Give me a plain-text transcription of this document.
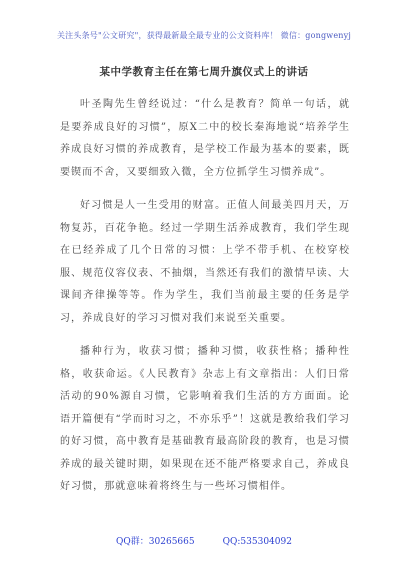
关注头条号"公文研究"，获得最新最全最专业的公文资料库！ 微信：gongwenyj
某中学教育主任在第七周升旗仪式上的讲话

叶圣陶先生曾经说过：“什么是教育？简单一句话，就是要养成良好的习惯”，原X二中的校长秦海地说“培养学生养成良好习惯的养成教育，是学校工作最为基本的要素，既要锲而不舍，又要细致入微，全方位抓学生习惯养成”。

好习惯是人一生受用的财富。正值人间最美四月天，万物复苏，百花争艳。经过一学期生活养成教育，我们学生现在已经养成了几个日常的习惯：上学不带手机、在校穿校服、规范仪容仪表、不抽烟，当然还有我们的激情早读、大课间齐律操等等。作为学生，我们当前最主要的任务是学习，养成良好的学习习惯对我们来说至关重要。

播种行为，收获习惯；播种习惯，收获性格；播种性格，收获命运。《人民教育》杂志上有文章指出：人们日常活动的90%源自习惯，它影响着我们生活的方方面面。论语开篇便有“学而时习之，不亦乐乎”！这就是教给我们学习的好习惯，高中教育是基础教育最高阶段的教育，也是习惯养成的最关键时期，如果现在还不能严格要求自己，养成良好习惯，那就意味着将终生与一些坏习惯相伴。

QQ群：30265665	QQ:535304092
